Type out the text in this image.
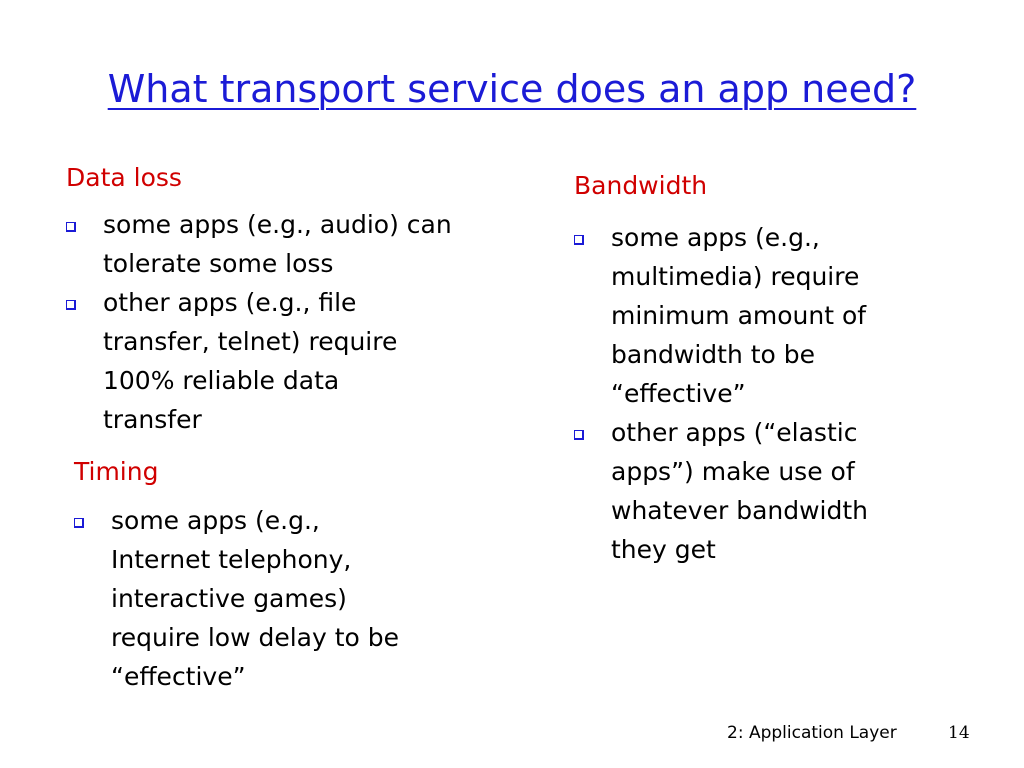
What transport service does an app need?
Data loss
some apps (e.g., audio) can
tolerate some loss
other apps (e.g., file
transfer, telnet) require
100% reliable data
transfer
Timing
some apps (e.g.,
Internet telephony,
interactive games)
require low delay to be
“effective”
Bandwidth
some apps (e.g.,
multimedia) require
minimum amount of
bandwidth to be
“effective”
other apps (“elastic
apps”) make use of
whatever bandwidth
they get
2: Application Layer	14
